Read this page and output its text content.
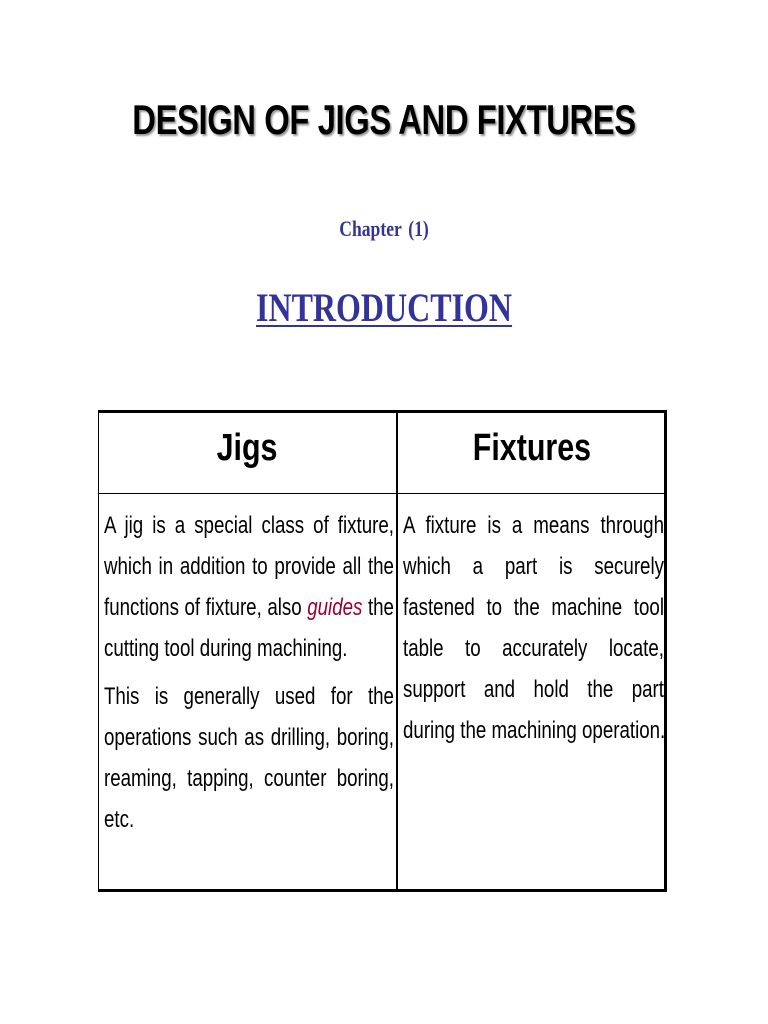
DESIGN OF JIGS AND FIXTURES
Chapter (1)
INTRODUCTION
Jigs	Fixtures
A jig is a special class of fixture,
which in addition to provide all the
functions of fixture, also guides the
cutting tool during machining.
This is generally used for the
operations such as drilling, boring,
reaming, tapping, counter boring,
etc.
A fixture is a means through
which a part is securely
fastened to the machine tool
table to accurately locate,
support and hold the part
during the machining operation.
